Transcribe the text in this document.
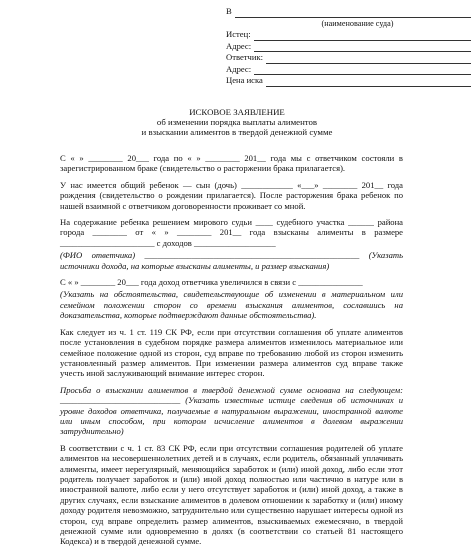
В
(наименование суда)
Истец:
Адрес:
Ответчик:
Адрес:
Цена иска
ИСКОВОЕ ЗАЯВЛЕНИЕ
об изменении порядка выплаты алиментов
и взыскании алиментов в твердой денежной сумме

С « » ________ 20___ года по « » ________ 201__ года мы с ответчиком состояли в зарегистрированном браке (свидетельство о расторжении брака прилагается).

У нас имеется общий ребенок — сын (дочь) ____________ «___» ________ 201__ года рождения (свидетельство о рождении прилагается). После расторжения брака ребенок по нашей взаимной с ответчиком договоренности проживает со мной.

На содержание ребенка решением мирового судьи ____ судебного участка ______ района города ________ от « » ________ 201__ года взысканы алименты в размере ______________________ с доходов ___________________

(ФИО ответчика) __________________________________________________ (Указать источники дохода, на которые взысканы алименты, и размер взыскания)

С « » ________ 20___ года доход ответчика увеличился в связи с _______________

(Указать на обстоятельства, свидетельствующие об изменении в материальном или семейном положении сторон со времени взыскания алиментов, сославшись на доказательства, которые подтверждают данные обстоятельства).

Как следует из ч. 1 ст. 119 СК РФ, если при отсутствии соглашения об уплате алиментов после установления в судебном порядке размера алиментов изменилось материальное или семейное положение одной из сторон, суд вправе по требованию любой из сторон изменить установленный размер алиментов. При изменении размера алиментов суд вправе также учесть иной заслуживающий внимание интерес сторон.

Просьба о взыскании алиментов в твердой денежной сумме основана на следующем: ____________________________ (Указать известные истице сведения об источниках и уровне доходов ответчика, получаемые в натуральном выражении, иностранной валюте или иным способом, при котором исчисление алиментов в долевом выражении затруднительно)

В соответствии с ч. 1 ст. 83 СК РФ, если при отсутствии соглашения родителей об уплате алиментов на несовершеннолетних детей и в случаях, если родитель, обязанный уплачивать алименты, имеет нерегулярный, меняющийся заработок и (или) иной доход, либо если этот родитель получает заработок и (или) иной доход полностью или частично в натуре или в иностранной валюте, либо если у него отсутствует заработок и (или) иной доход, а также в других случаях, если взыскание алиментов в долевом отношении к заработку и (или) иному доходу родителя невозможно, затруднительно или существенно нарушает интересы одной из сторон, суд вправе определить размер алиментов, взыскиваемых ежемесячно, в твердой денежной сумме или одновременно в долях (в соответствии со статьей 81 настоящего Кодекса) и в твердой денежной сумме.
